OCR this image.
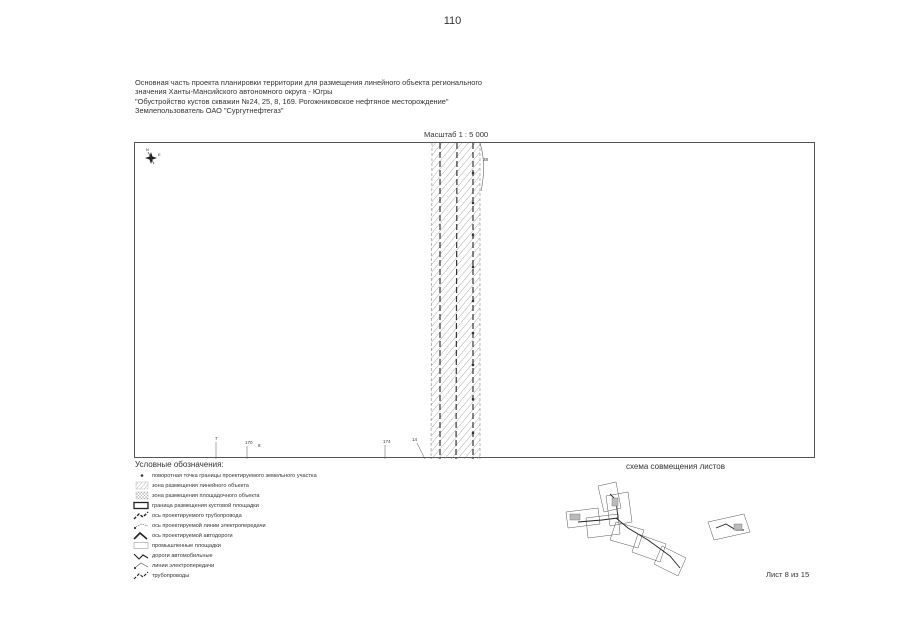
110
Основная часть проекта планировки территории для размещения линейного объекта регионального
значения Ханты-Мансийского автономного округа - Югры
"Обустройство кустов скважин №24, 25, 8, 169. Рогожниковское нефтяное месторождение"
Землепользователь ОАО "Сургутнефтегаз"
Масштаб 1 : 5 000
N
E
38
7
170
8
174	14
Условные обозначения:
поворотная точка границы проектируемого земельного участка
зона размещения линейного объекта
зона размещения площадочного объекта
граница размещения кустовой площадки
ось проектируемого трубопровода
ось проектируемой линии электропередачи
ось проектируемой автодороги
промышленные площадки
дороги автомобильные
линии электропередачи
трубопроводы
схема совмещения листов
Лист 8 из 15
